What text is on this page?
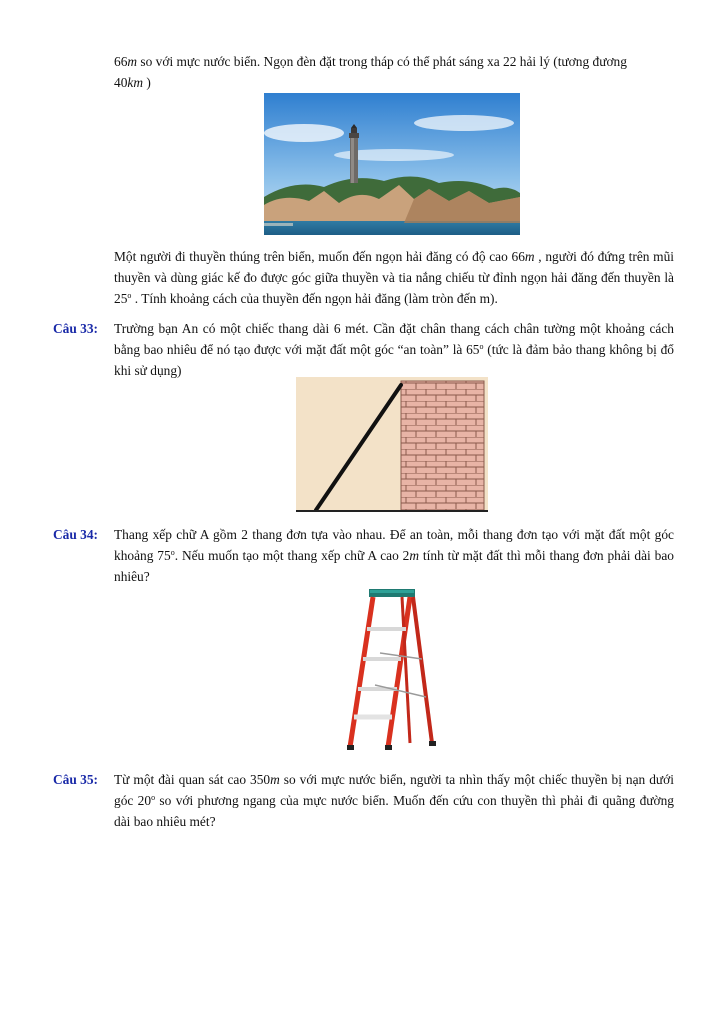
66m so với mực nước biển. Ngọn đèn đặt trong tháp có thể phát sáng xa 22 hải lý (tương đương
40km )
Một người đi thuyền thúng trên biển, muốn đến ngọn hải đăng có độ cao 66m , người đó đứng trên mũi thuyền và dùng giác kế đo được góc giữa thuyền và tia nắng chiếu từ đỉnh ngọn hải đăng đến thuyền là 25$^o$ . Tính khoảng cách của thuyền đến ngọn hải đăng (làm tròn đến m).
Câu 33: Trường bạn An có một chiếc thang dài 6 mét. Cần đặt chân thang cách chân tường một khoảng cách bằng bao nhiêu để nó tạo được với mặt đất một góc “an toàn” là 65$^o$ (tức là đảm bảo thang không bị đổ khi sử dụng)
Câu 34: Thang xếp chữ A gồm 2 thang đơn tựa vào nhau. Để an toàn, mỗi thang đơn tạo với mặt đất một góc khoảng 75$^o$. Nếu muốn tạo một thang xếp chữ A cao 2m tính từ mặt đất thì mỗi thang đơn phải dài bao nhiêu?
Câu 35: Từ một đài quan sát cao 350m so với mực nước biển, người ta nhìn thấy một chiếc thuyền bị nạn dưới góc 20$^o$ so với phương ngang của mực nước biển. Muốn đến cứu con thuyền thì phải đi quãng đường dài bao nhiêu mét?
